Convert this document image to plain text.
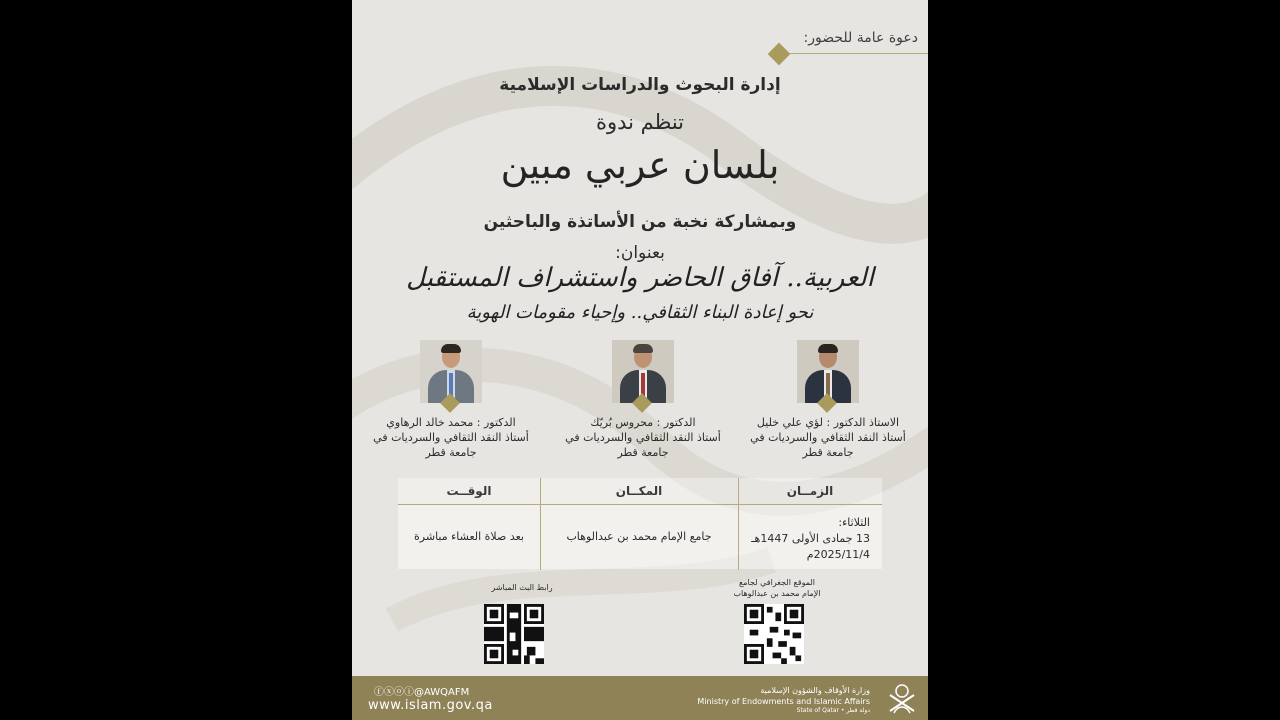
دعوة عامة للحضور:
إدارة البحوث والدراسات الإسلامية
تنظم ندوة
بلسان عربي مبين
وبمشاركة نخبة من الأساتذة والباحثين
بعنوان:
العربية.. آفاق الحاضر واستشراف المستقبل
نحو إعادة البناء الثقافي.. وإحياء مقومات الهوية
الاستاذ الدكتور : لؤي علي خليل
أستاذ النقد الثقافي والسرديات في
جامعة قطر
الدكتور : محروس بُريّك
أستاذ النقد الثقافي والسرديات في
جامعة قطر
الدكتور : محمد خالد الرهاوي
أستاذ النقد الثقافي والسرديات في
جامعة قطر
الزمــان
الثلاثاء:
13 جمادى الأولى 1447هـ
2025/11/4م
المكــان
جامع الإمام محمد بن عبدالوهاب
الوقــت
بعد صلاة العشاء مباشرة
الموقع الجغرافي لجامع
الإمام محمد بن عبدالوهاب
رابط البث المباشر
ⓕⓧⓞⓘ@AWQAFM
www.islam.gov.qa
وزارة الأوقاف والشؤون الإسلامية
Ministry of Endowments and Islamic Affairs
State of Qatar • دولة قطر
